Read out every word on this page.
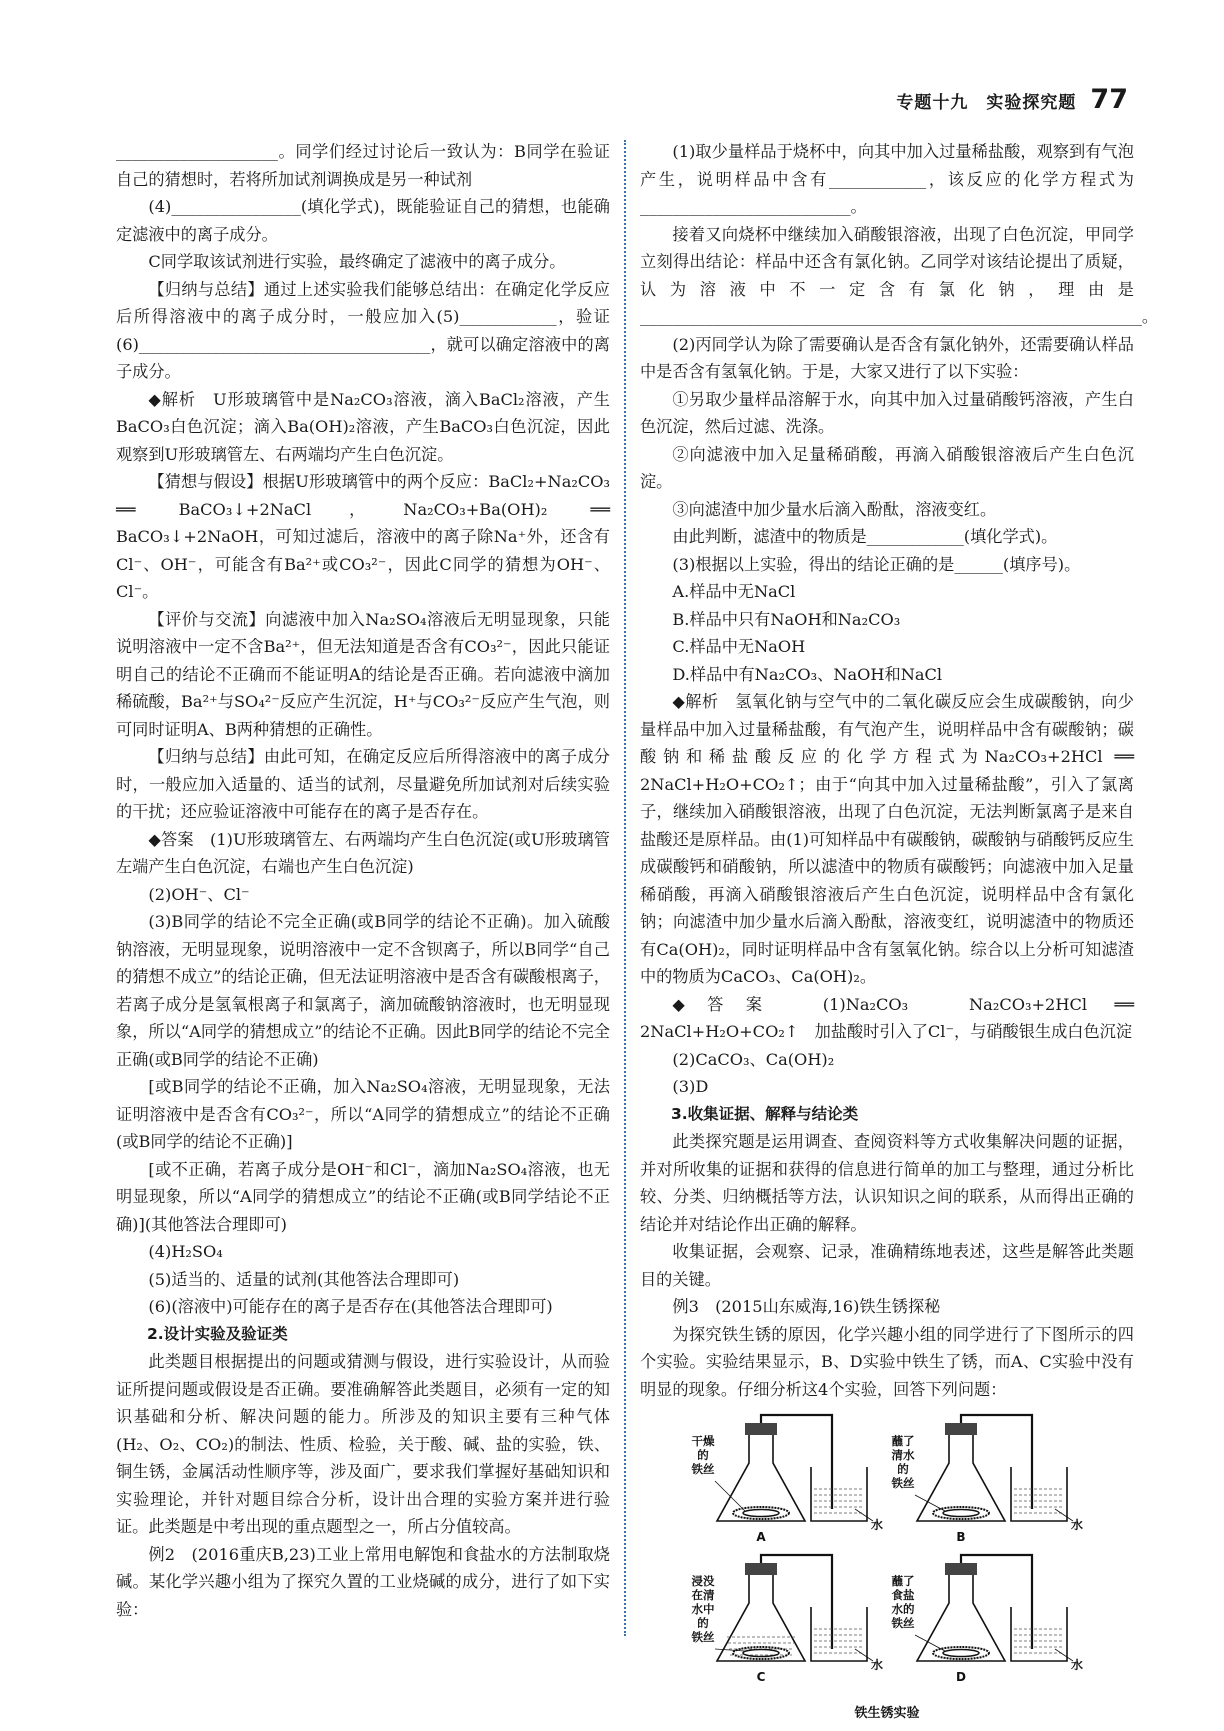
专题十九　实验探究题 77

____________________。同学们经过讨论后一致认为：B同学在验证自己的猜想时，若将所加试剂调换成是另一种试剂

(4)________________(填化学式)，既能验证自己的猜想，也能确定滤液中的离子成分。

C同学取该试剂进行实验，最终确定了滤液中的离子成分。

【归纳与总结】通过上述实验我们能够总结出：在确定化学反应后所得溶液中的离子成分时，一般应加入(5)____________，验证(6)____________________________________，就可以确定溶液中的离子成分。

◆解析　U形玻璃管中是Na₂CO₃溶液，滴入BaCl₂溶液，产生BaCO₃白色沉淀；滴入Ba(OH)₂溶液，产生BaCO₃白色沉淀，因此观察到U形玻璃管左、右两端均产生白色沉淀。

【猜想与假设】根据U形玻璃管中的两个反应：BaCl₂+Na₂CO₃ ══ BaCO₃↓+2NaCl，Na₂CO₃+Ba(OH)₂ ══ BaCO₃↓+2NaOH，可知过滤后，溶液中的离子除Na⁺外，还含有Cl⁻、OH⁻，可能含有Ba²⁺或CO₃²⁻，因此C同学的猜想为OH⁻、Cl⁻。

【评价与交流】向滤液中加入Na₂SO₄溶液后无明显现象，只能说明溶液中一定不含Ba²⁺，但无法知道是否含有CO₃²⁻，因此只能证明自己的结论不正确而不能证明A的结论是否正确。若向滤液中滴加稀硫酸，Ba²⁺与SO₄²⁻反应产生沉淀，H⁺与CO₃²⁻反应产生气泡，则可同时证明A、B两种猜想的正确性。

【归纳与总结】由此可知，在确定反应后所得溶液中的离子成分时，一般应加入适量的、适当的试剂，尽量避免所加试剂对后续实验的干扰；还应验证溶液中可能存在的离子是否存在。

◆答案　(1)U形玻璃管左、右两端均产生白色沉淀(或U形玻璃管左端产生白色沉淀，右端也产生白色沉淀)

(2)OH⁻、Cl⁻

(3)B同学的结论不完全正确(或B同学的结论不正确)。加入硫酸钠溶液，无明显现象，说明溶液中一定不含钡离子，所以B同学“自己的猜想不成立”的结论正确，但无法证明溶液中是否含有碳酸根离子，若离子成分是氢氧根离子和氯离子，滴加硫酸钠溶液时，也无明显现象，所以“A同学的猜想成立”的结论不正确。因此B同学的结论不完全正确(或B同学的结论不正确)

[或B同学的结论不正确，加入Na₂SO₄溶液，无明显现象，无法证明溶液中是否含有CO₃²⁻，所以“A同学的猜想成立”的结论不正确(或B同学的结论不正确)]

[或不正确，若离子成分是OH⁻和Cl⁻，滴加Na₂SO₄溶液，也无明显现象，所以“A同学的猜想成立”的结论不正确(或B同学结论不正确)](其他答法合理即可)

(4)H₂SO₄

(5)适当的、适量的试剂(其他答法合理即可)

(6)(溶液中)可能存在的离子是否存在(其他答法合理即可)

2.设计实验及验证类

此类题目根据提出的问题或猜测与假设，进行实验设计，从而验证所提问题或假设是否正确。要准确解答此类题目，必须有一定的知识基础和分析、解决问题的能力。所涉及的知识主要有三种气体(H₂、O₂、CO₂)的制法、性质、检验，关于酸、碱、盐的实验，铁、铜生锈，金属活动性顺序等，涉及面广，要求我们掌握好基础知识和实验理论，并针对题目综合分析，设计出合理的实验方案并进行验证。此类题是中考出现的重点题型之一，所占分值较高。

例2　(2016重庆B,23)工业上常用电解饱和食盐水的方法制取烧碱。某化学兴趣小组为了探究久置的工业烧碱的成分，进行了如下实验：

(1)取少量样品于烧杯中，向其中加入过量稀盐酸，观察到有气泡产生，说明样品中含有____________，该反应的化学方程式为__________________________。

接着又向烧杯中继续加入硝酸银溶液，出现了白色沉淀，甲同学立刻得出结论：样品中还含有氯化钠。乙同学对该结论提出了质疑，认为溶液中不一定含有氯化钠，理由是______________________________________________________________。

(2)丙同学认为除了需要确认是否含有氯化钠外，还需要确认样品中是否含有氢氧化钠。于是，大家又进行了以下实验：

①另取少量样品溶解于水，向其中加入过量硝酸钙溶液，产生白色沉淀，然后过滤、洗涤。

②向滤液中加入足量稀硝酸，再滴入硝酸银溶液后产生白色沉淀。

③向滤渣中加少量水后滴入酚酞，溶液变红。

由此判断，滤渣中的物质是____________(填化学式)。

(3)根据以上实验，得出的结论正确的是______(填序号)。

A.样品中无NaCl

B.样品中只有NaOH和Na₂CO₃

C.样品中无NaOH

D.样品中有Na₂CO₃、NaOH和NaCl

◆解析　氢氧化钠与空气中的二氧化碳反应会生成碳酸钠，向少量样品中加入过量稀盐酸，有气泡产生，说明样品中含有碳酸钠；碳酸钠和稀盐酸反应的化学方程式为Na₂CO₃+2HCl ══ 2NaCl+H₂O+CO₂↑；由于“向其中加入过量稀盐酸”，引入了氯离子，继续加入硝酸银溶液，出现了白色沉淀，无法判断氯离子是来自盐酸还是原样品。由(1)可知样品中有碳酸钠，碳酸钠与硝酸钙反应生成碳酸钙和硝酸钠，所以滤渣中的物质有碳酸钙；向滤液中加入足量稀硝酸，再滴入硝酸银溶液后产生白色沉淀，说明样品中含有氯化钠；向滤渣中加少量水后滴入酚酞，溶液变红，说明滤渣中的物质还有Ca(OH)₂，同时证明样品中含有氢氧化钠。综合以上分析可知滤渣中的物质为CaCO₃、Ca(OH)₂。

◆答案　(1)Na₂CO₃　Na₂CO₃+2HCl ══ 2NaCl+H₂O+CO₂↑　加盐酸时引入了Cl⁻，与硝酸银生成白色沉淀

(2)CaCO₃、Ca(OH)₂

(3)D

3.收集证据、解释与结论类

此类探究题是运用调查、查阅资料等方式收集解决问题的证据，并对所收集的证据和获得的信息进行简单的加工与整理，通过分析比较、分类、归纳概括等方法，认识知识之间的联系，从而得出正确的结论并对结论作出正确的解释。

收集证据，会观察、记录，准确精练地表述，这些是解答此类题目的关键。

例3　(2015山东威海,16)铁生锈探秘

为探究铁生锈的原因，化学兴趣小组的同学进行了下图所示的四个实验。实验结果显示，B、D实验中铁生了锈，而A、C实验中没有明显的现象。仔细分析这4个实验，回答下列问题：

干燥
的
铁丝
水
A
蘸了
清水
的
铁丝
水
B
浸没
在清
水中
的
铁丝
水
C
蘸了
食盐
水的
铁丝
水
D
铁生锈实验
